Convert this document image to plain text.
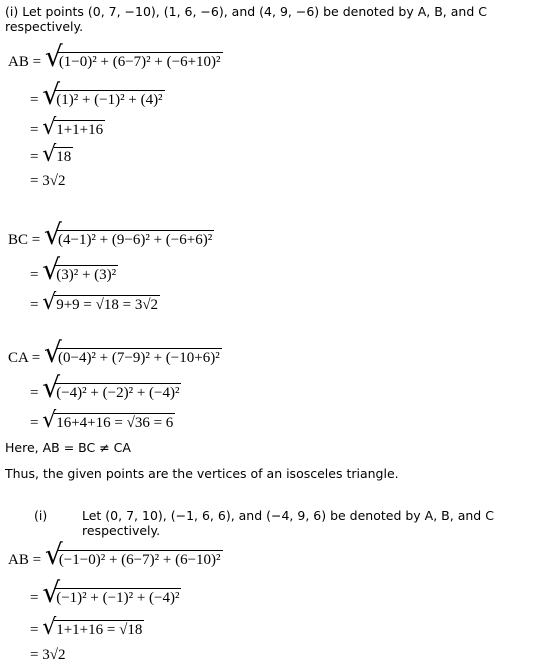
(i) Let points (0, 7, −10), (1, 6, −6), and (4, 9, −6) be denoted by A, B, and C
respectively.
AB = √ (1−0)² + (6−7)² + (−6+10)²
= √ (1)² + (−1)² + (4)²
= √ 1+1+16
= √ 18
= 3√2
BC = √ (4−1)² + (9−6)² + (−6+6)²
= √ (3)² + (3)²
= √ 9+9 = √18 = 3√2
CA = √ (0−4)² + (7−9)² + (−10+6)²
= √ (−4)² + (−2)² + (−4)²
= √ 16+4+16 = √36 = 6
Here, AB = BC ≠ CA
Thus, the given points are the vertices of an isosceles triangle.
(i)	Let (0, 7, 10), (−1, 6, 6), and (−4, 9, 6) be denoted by A, B, and C
respectively.
AB = √ (−1−0)² + (6−7)² + (6−10)²
= √ (−1)² + (−1)² + (−4)²
= √ 1+1+16 = √18
= 3√2
